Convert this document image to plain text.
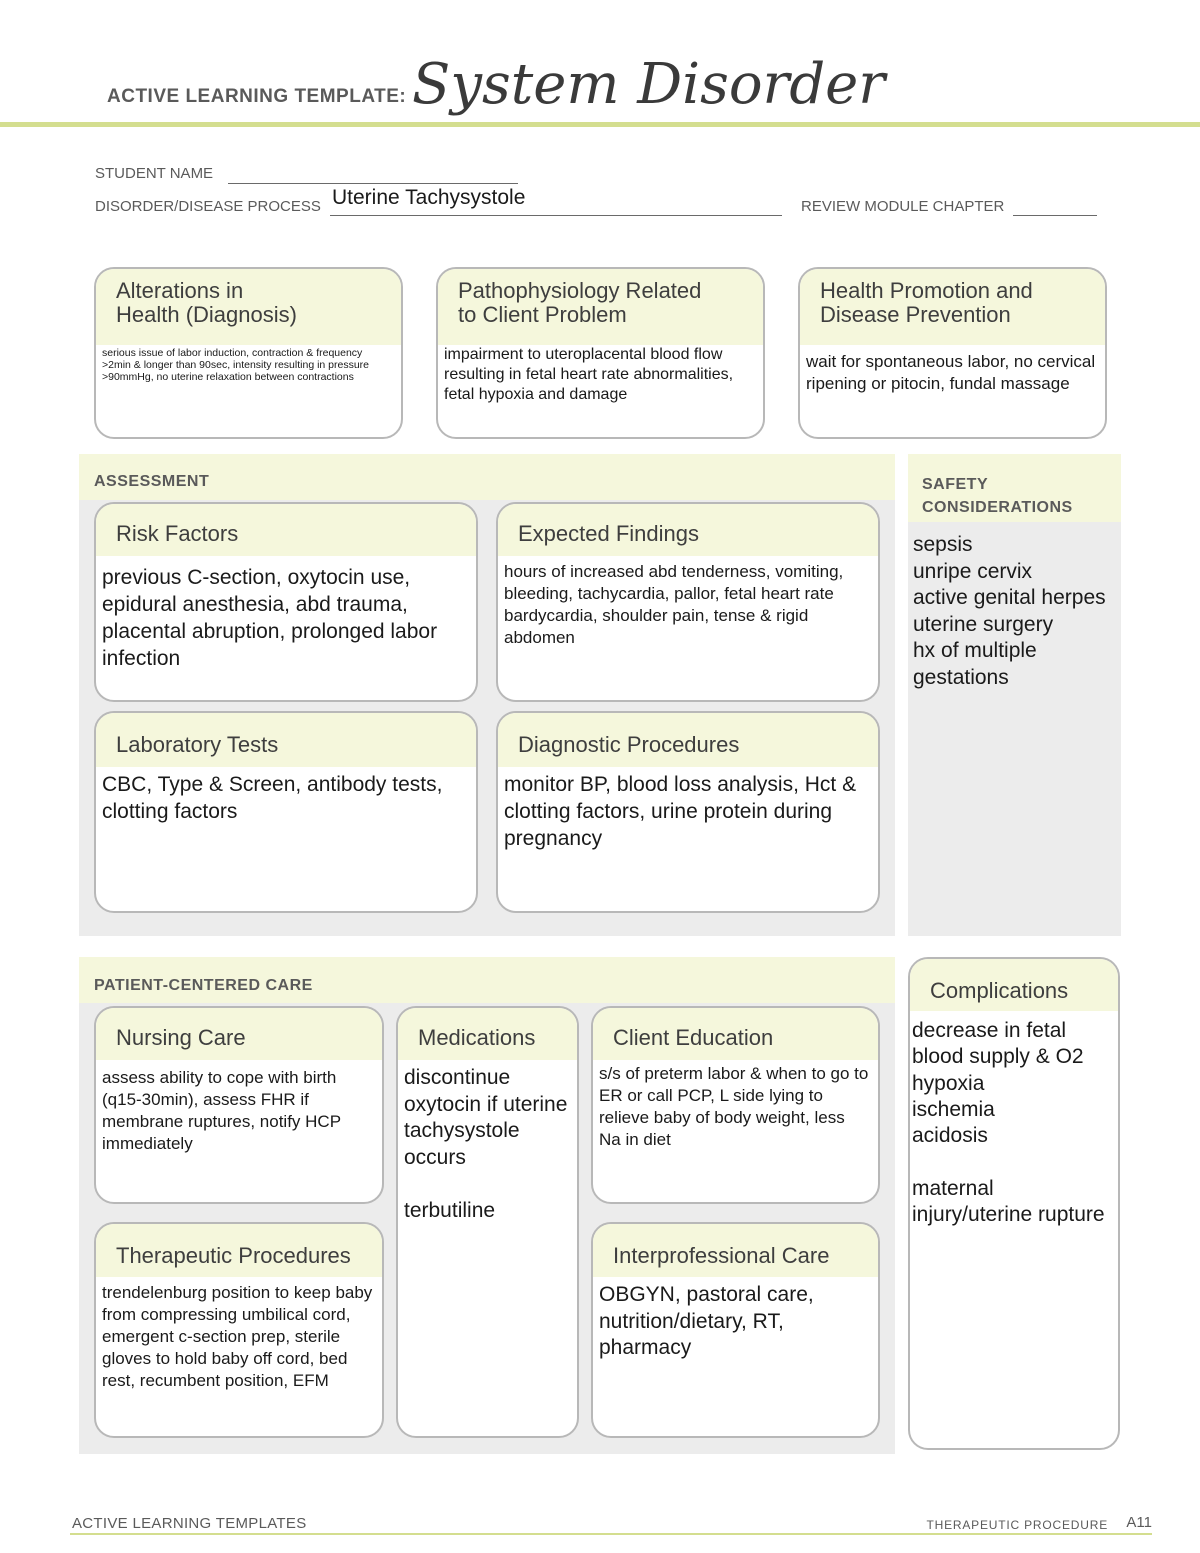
ACTIVE LEARNING TEMPLATE: System Disorder
STUDENT NAME
DISORDER/DISEASE PROCESS Uterine Tachysystole	REVIEW MODULE CHAPTER
Alterations in
Health (Diagnosis)
serious issue of labor induction, contraction & frequency >2min & longer than 90sec, intensity resulting in pressure >90mmHg, no uterine relaxation between contractions
Pathophysiology Related
to Client Problem
impairment to uteroplacental blood flow resulting in fetal heart rate abnormalities, fetal hypoxia and damage
Health Promotion and
Disease Prevention
wait for spontaneous labor, no cervical ripening or pitocin, fundal massage
ASSESSMENT
Risk Factors
previous C-section, oxytocin use, epidural anesthesia, abd trauma, placental abruption, prolonged labor infection
Expected Findings
hours of increased abd tenderness, vomiting, bleeding, tachycardia, pallor, fetal heart rate bardycardia, shoulder pain, tense & rigid abdomen
Laboratory Tests
CBC, Type & Screen, antibody tests, clotting factors
Diagnostic Procedures
monitor BP, blood loss analysis, Hct & clotting factors, urine protein during pregnancy
SAFETY
CONSIDERATIONS
sepsis
unripe cervix
active genital herpes
uterine surgery
hx of multiple gestations
PATIENT-CENTERED CARE
Nursing Care
assess ability to cope with birth (q15-30min), assess FHR if membrane ruptures, notify HCP immediately
Medications
discontinue oxytocin if uterine tachysystole occurs

terbutiline
Client Education
s/s of preterm labor & when to go to ER or call PCP, L side lying to relieve baby of body weight, less Na in diet
Therapeutic Procedures
trendelenburg position to keep baby from compressing umbilical cord, emergent c-section prep, sterile gloves to hold baby off cord, bed rest, recumbent position, EFM
Interprofessional Care
OBGYN, pastoral care, nutrition/dietary, RT, pharmacy
Complications
decrease in fetal blood supply & O2
hypoxia
ischemia
acidosis

maternal injury/uterine rupture
ACTIVE LEARNING TEMPLATES	THERAPEUTIC PROCEDURE A11
